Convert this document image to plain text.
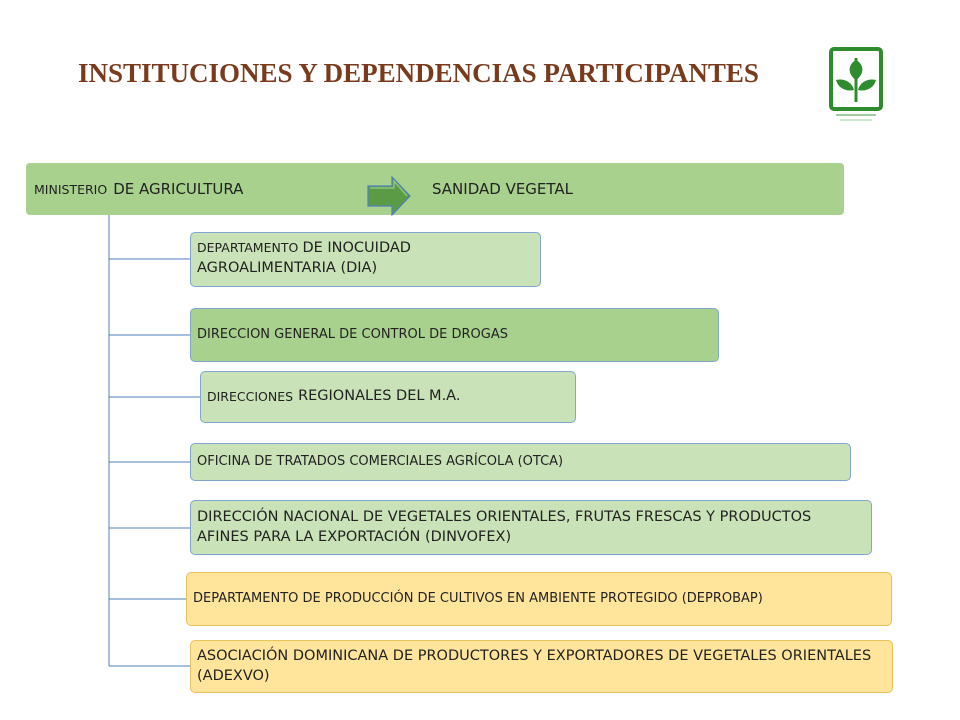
INSTITUCIONES Y DEPENDENCIAS PARTICIPANTES
MINISTERIO DE AGRICULTURA	SANIDAD VEGETAL
DEPARTAMENTO DE INOCUIDAD
AGROALIMENTARIA (DIA)
DIRECCION GENERAL DE CONTROL DE DROGAS
DIRECCIONES REGIONALES DEL M.A.
OFICINA DE TRATADOS COMERCIALES AGRÍCOLA (OTCA)
DIRECCIÓN NACIONAL DE VEGETALES ORIENTALES, FRUTAS FRESCAS Y PRODUCTOS AFINES PARA LA EXPORTACIÓN (DINVOFEX)
DEPARTAMENTO DE PRODUCCIÓN DE CULTIVOS EN AMBIENTE PROTEGIDO (DEPROBAP)
ASOCIACIÓN DOMINICANA DE PRODUCTORES Y EXPORTADORES DE VEGETALES ORIENTALES (ADEXVO)
